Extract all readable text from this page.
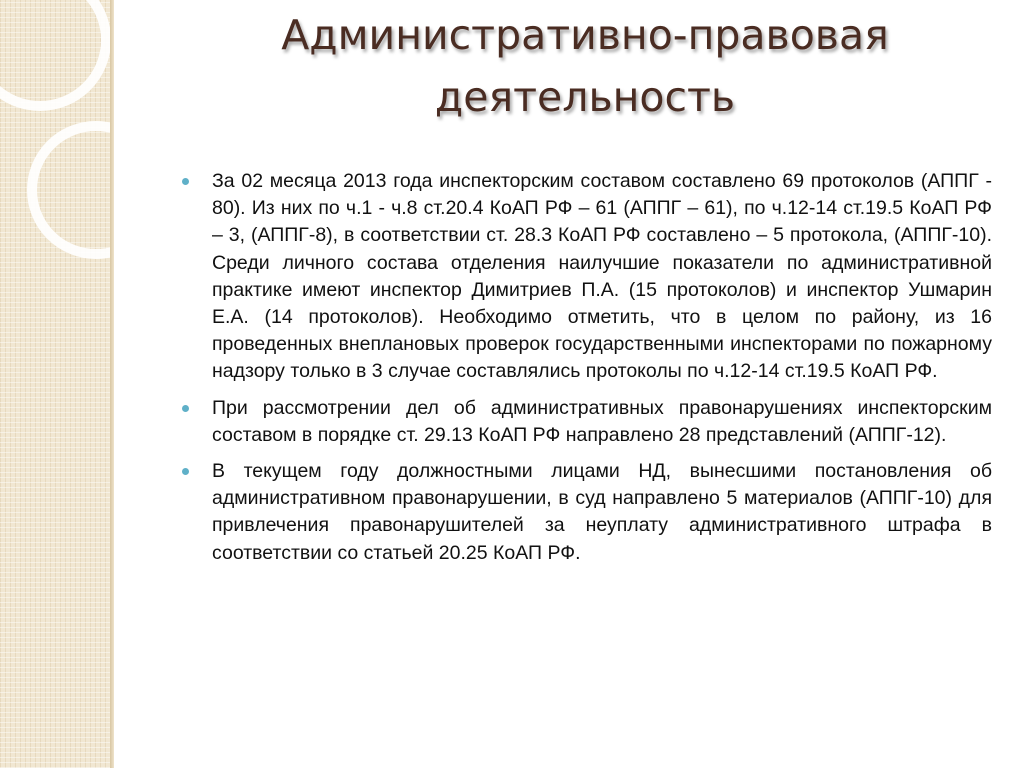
Административно-правовая деятельность
За 02 месяца 2013 года инспекторским составом составлено 69 протоколов (АППГ - 80). Из них по ч.1 - ч.8 ст.20.4 КоАП РФ – 61 (АППГ – 61), по ч.12-14 ст.19.5 КоАП РФ – 3, (АППГ-8), в соответствии ст. 28.3 КоАП РФ составлено – 5 протокола, (АППГ-10). Среди личного состава отделения наилучшие показатели по административной практике имеют инспектор Димитриев П.А. (15 протоколов) и инспектор Ушмарин Е.А. (14 протоколов). Необходимо отметить, что в целом по району, из 16 проведенных внеплановых проверок государственными инспекторами по пожарному надзору только в 3 случае составлялись протоколы по ч.12-14 ст.19.5 КоАП РФ.
При рассмотрении дел об административных правонарушениях инспекторским составом в порядке ст. 29.13 КоАП РФ направлено 28 представлений (АППГ-12).
В текущем году должностными лицами НД, вынесшими постановления об административном правонарушении, в суд направлено 5 материалов (АППГ-10) для привлечения правонарушителей за неуплату административного штрафа в соответствии со статьей 20.25 КоАП РФ.
